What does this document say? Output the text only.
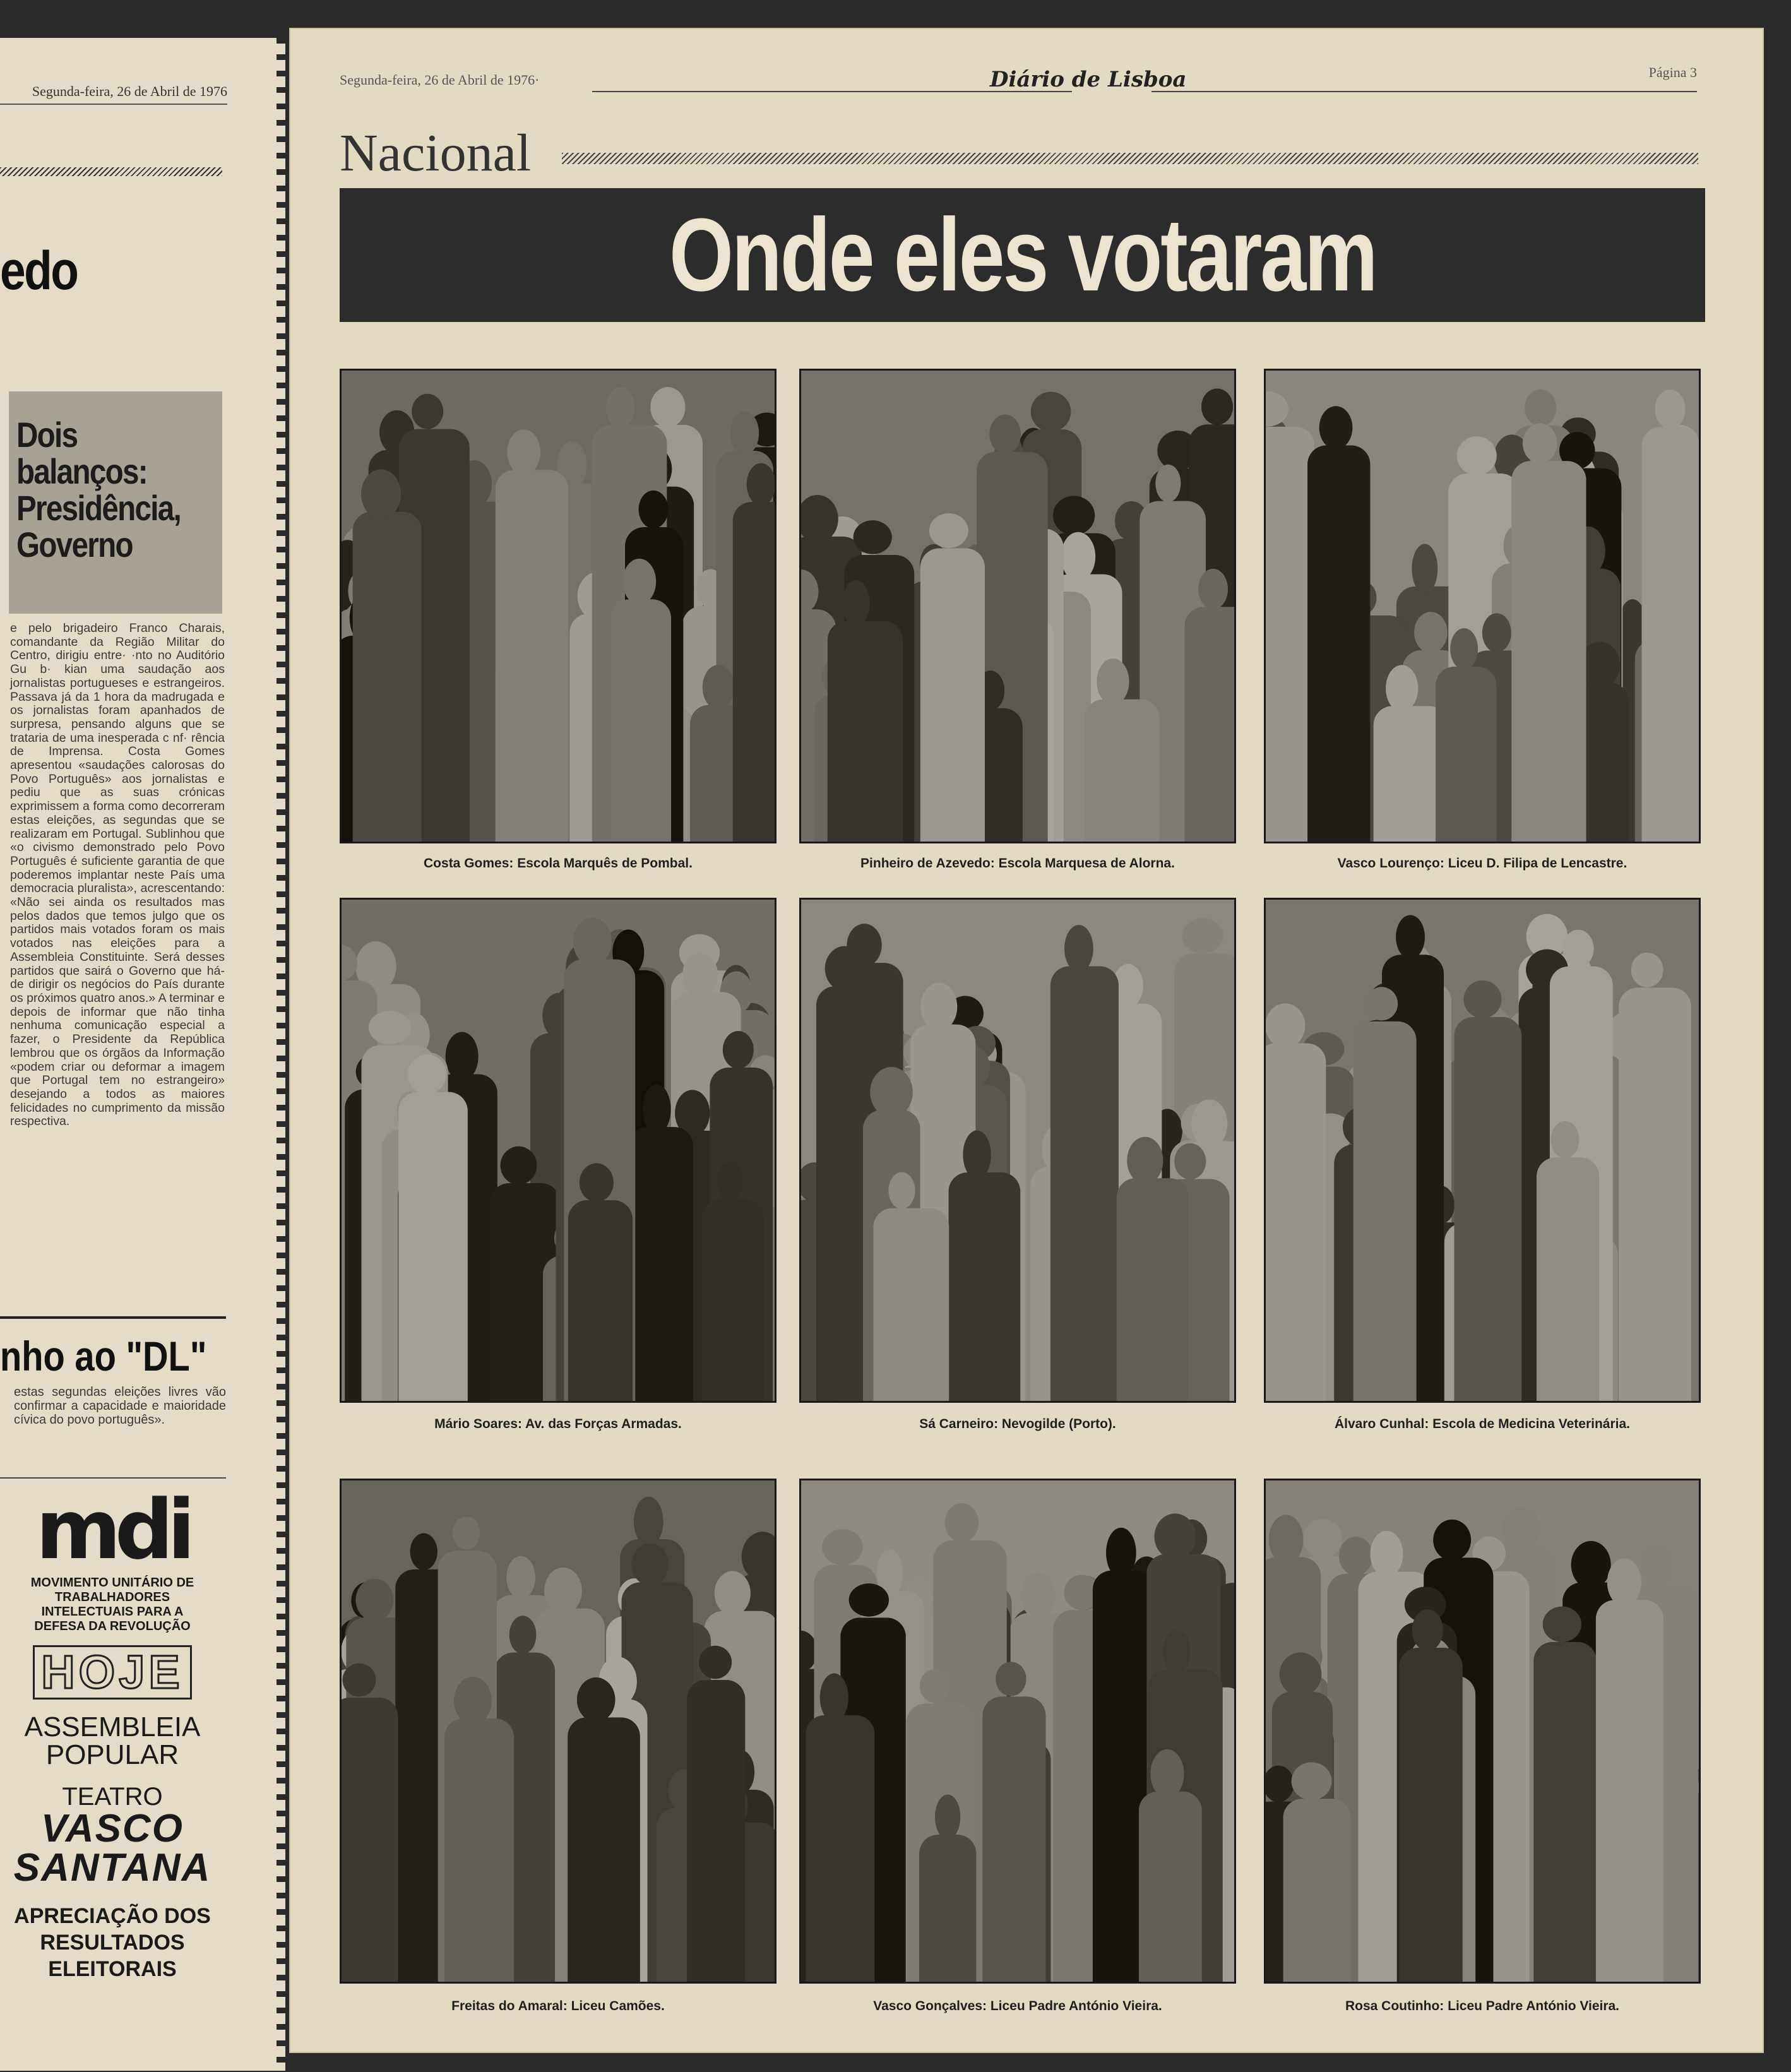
Segunda-feira, 26 de Abril de 1976
edo
Dois
balanços:
Presidência,
Governo
e pelo brigadeiro Franco Charais, comandante da Região Militar do Centro, dirigiu entre· ·nto no Auditório Gu b· kian uma saudação aos jornalistas portugueses e estrangeiros. Passava já da 1 hora da madrugada e os jornalistas foram apanhados de surpresa, pensando alguns que se trataria de uma inesperada c nf· rência de Imprensa. Costa Gomes apresentou «saudações calorosas do Povo Português» aos jornalistas e pediu que as suas crónicas exprimissem a forma como decorreram estas eleições, as segundas que se realizaram em Portugal. Sublinhou que «o civismo demonstrado pelo Povo Português é suficiente garantia de que poderemos implantar neste País uma democracia pluralista», acrescentando: «Não sei ainda os resultados mas pelos dados que temos julgo que os partidos mais votados foram os mais votados nas eleições para a Assembleia Constituinte. Será desses partidos que sairá o Governo que há-de dirigir os negócios do País durante os próximos quatro anos.» A terminar e depois de informar que não tinha nenhuma comunicação especial a fazer, o Presidente da República lembrou que os órgãos da Informação «podem criar ou deformar a imagem que Portugal tem no estrangeiro» desejando a todos as maiores felicidades no cumprimento da missão respectiva.
nho ao "DL"
estas segundas eleições livres vão confirmar a capacidade e maioridade cívica do povo português».
mdi
MOVIMENTO UNITÁRIO DE
TRABALHADORES
INTELECTUAIS PARA A
DEFESA DA REVOLUÇÃO
HOJE
ASSEMBLEIA
POPULAR
TEATRO
VASCO
SANTANA
APRECIAÇÃO DOS
RESULTADOS
ELEITORAIS
Segunda-feira, 26 de Abril de 1976·	Diário de Lisboa	Página 3
Nacional
Onde eles votaram
Costa Gomes: Escola Marquês de Pombal.	Pinheiro de Azevedo: Escola Marquesa de Alorna.	Vasco Lourenço: Liceu D. Filipa de Lencastre.
Mário Soares: Av. das Forças Armadas.	Sá Carneiro: Nevogilde (Porto).	Álvaro Cunhal: Escola de Medicina Veterinária.
Freitas do Amaral: Liceu Camões.	Vasco Gonçalves: Liceu Padre António Vieira.	Rosa Coutinho: Liceu Padre António Vieira.
